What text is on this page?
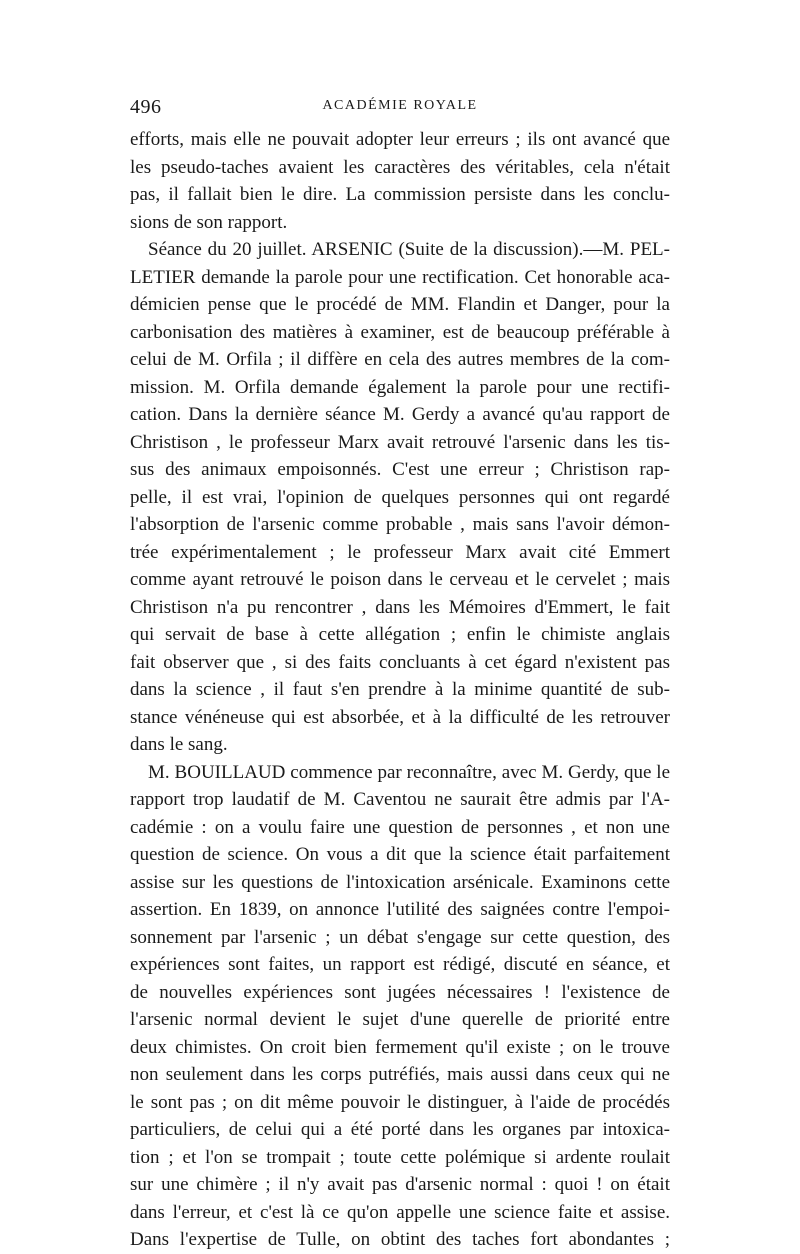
496	ACADÉMIE ROYALE
efforts, mais elle ne pouvait adopter leur erreurs ; ils ont avancé que
les pseudo-taches avaient les caractères des véritables, cela n'était
pas, il fallait bien le dire. La commission persiste dans les conclu-
sions de son rapport.
Séance du 20 juillet. ARSENIC (Suite de la discussion).—M. PEL-
LETIER demande la parole pour une rectification. Cet honorable aca-
démicien pense que le procédé de MM. Flandin et Danger, pour la
carbonisation des matières à examiner, est de beaucoup préférable à
celui de M. Orfila ; il diffère en cela des autres membres de la com-
mission. M. Orfila demande également la parole pour une rectifi-
cation. Dans la dernière séance M. Gerdy a avancé qu'au rapport de
Christison , le professeur Marx avait retrouvé l'arsenic dans les tis-
sus des animaux empoisonnés. C'est une erreur ; Christison rap-
pelle, il est vrai, l'opinion de quelques personnes qui ont regardé
l'absorption de l'arsenic comme probable , mais sans l'avoir démon-
trée expérimentalement ; le professeur Marx avait cité Emmert
comme ayant retrouvé le poison dans le cerveau et le cervelet ; mais
Christison n'a pu rencontrer , dans les Mémoires d'Emmert, le fait
qui servait de base à cette allégation ; enfin le chimiste anglais
fait observer que , si des faits concluants à cet égard n'existent pas
dans la science , il faut s'en prendre à la minime quantité de sub-
stance vénéneuse qui est absorbée, et à la difficulté de les retrouver
dans le sang.
M. BOUILLAUD commence par reconnaître, avec M. Gerdy, que le
rapport trop laudatif de M. Caventou ne saurait être admis par l'A-
cadémie : on a voulu faire une question de personnes , et non une
question de science. On vous a dit que la science était parfaitement
assise sur les questions de l'intoxication arsénicale. Examinons cette
assertion. En 1839, on annonce l'utilité des saignées contre l'empoi-
sonnement par l'arsenic ; un débat s'engage sur cette question, des
expériences sont faites, un rapport est rédigé, discuté en séance, et
de nouvelles expériences sont jugées nécessaires ! l'existence de
l'arsenic normal devient le sujet d'une querelle de priorité entre
deux chimistes. On croit bien fermement qu'il existe ; on le trouve
non seulement dans les corps putréfiés, mais aussi dans ceux qui ne
le sont pas ; on dit même pouvoir le distinguer, à l'aide de procédés
particuliers, de celui qui a été porté dans les organes par intoxica-
tion ; et l'on se trompait ; toute cette polémique si ardente roulait
sur une chimère ; il n'y avait pas d'arsenic normal : quoi ! on était
dans l'erreur, et c'est là ce qu'on appelle une science faite et assise.
Dans l'expertise de Tulle, on obtint des taches fort abondantes ;
